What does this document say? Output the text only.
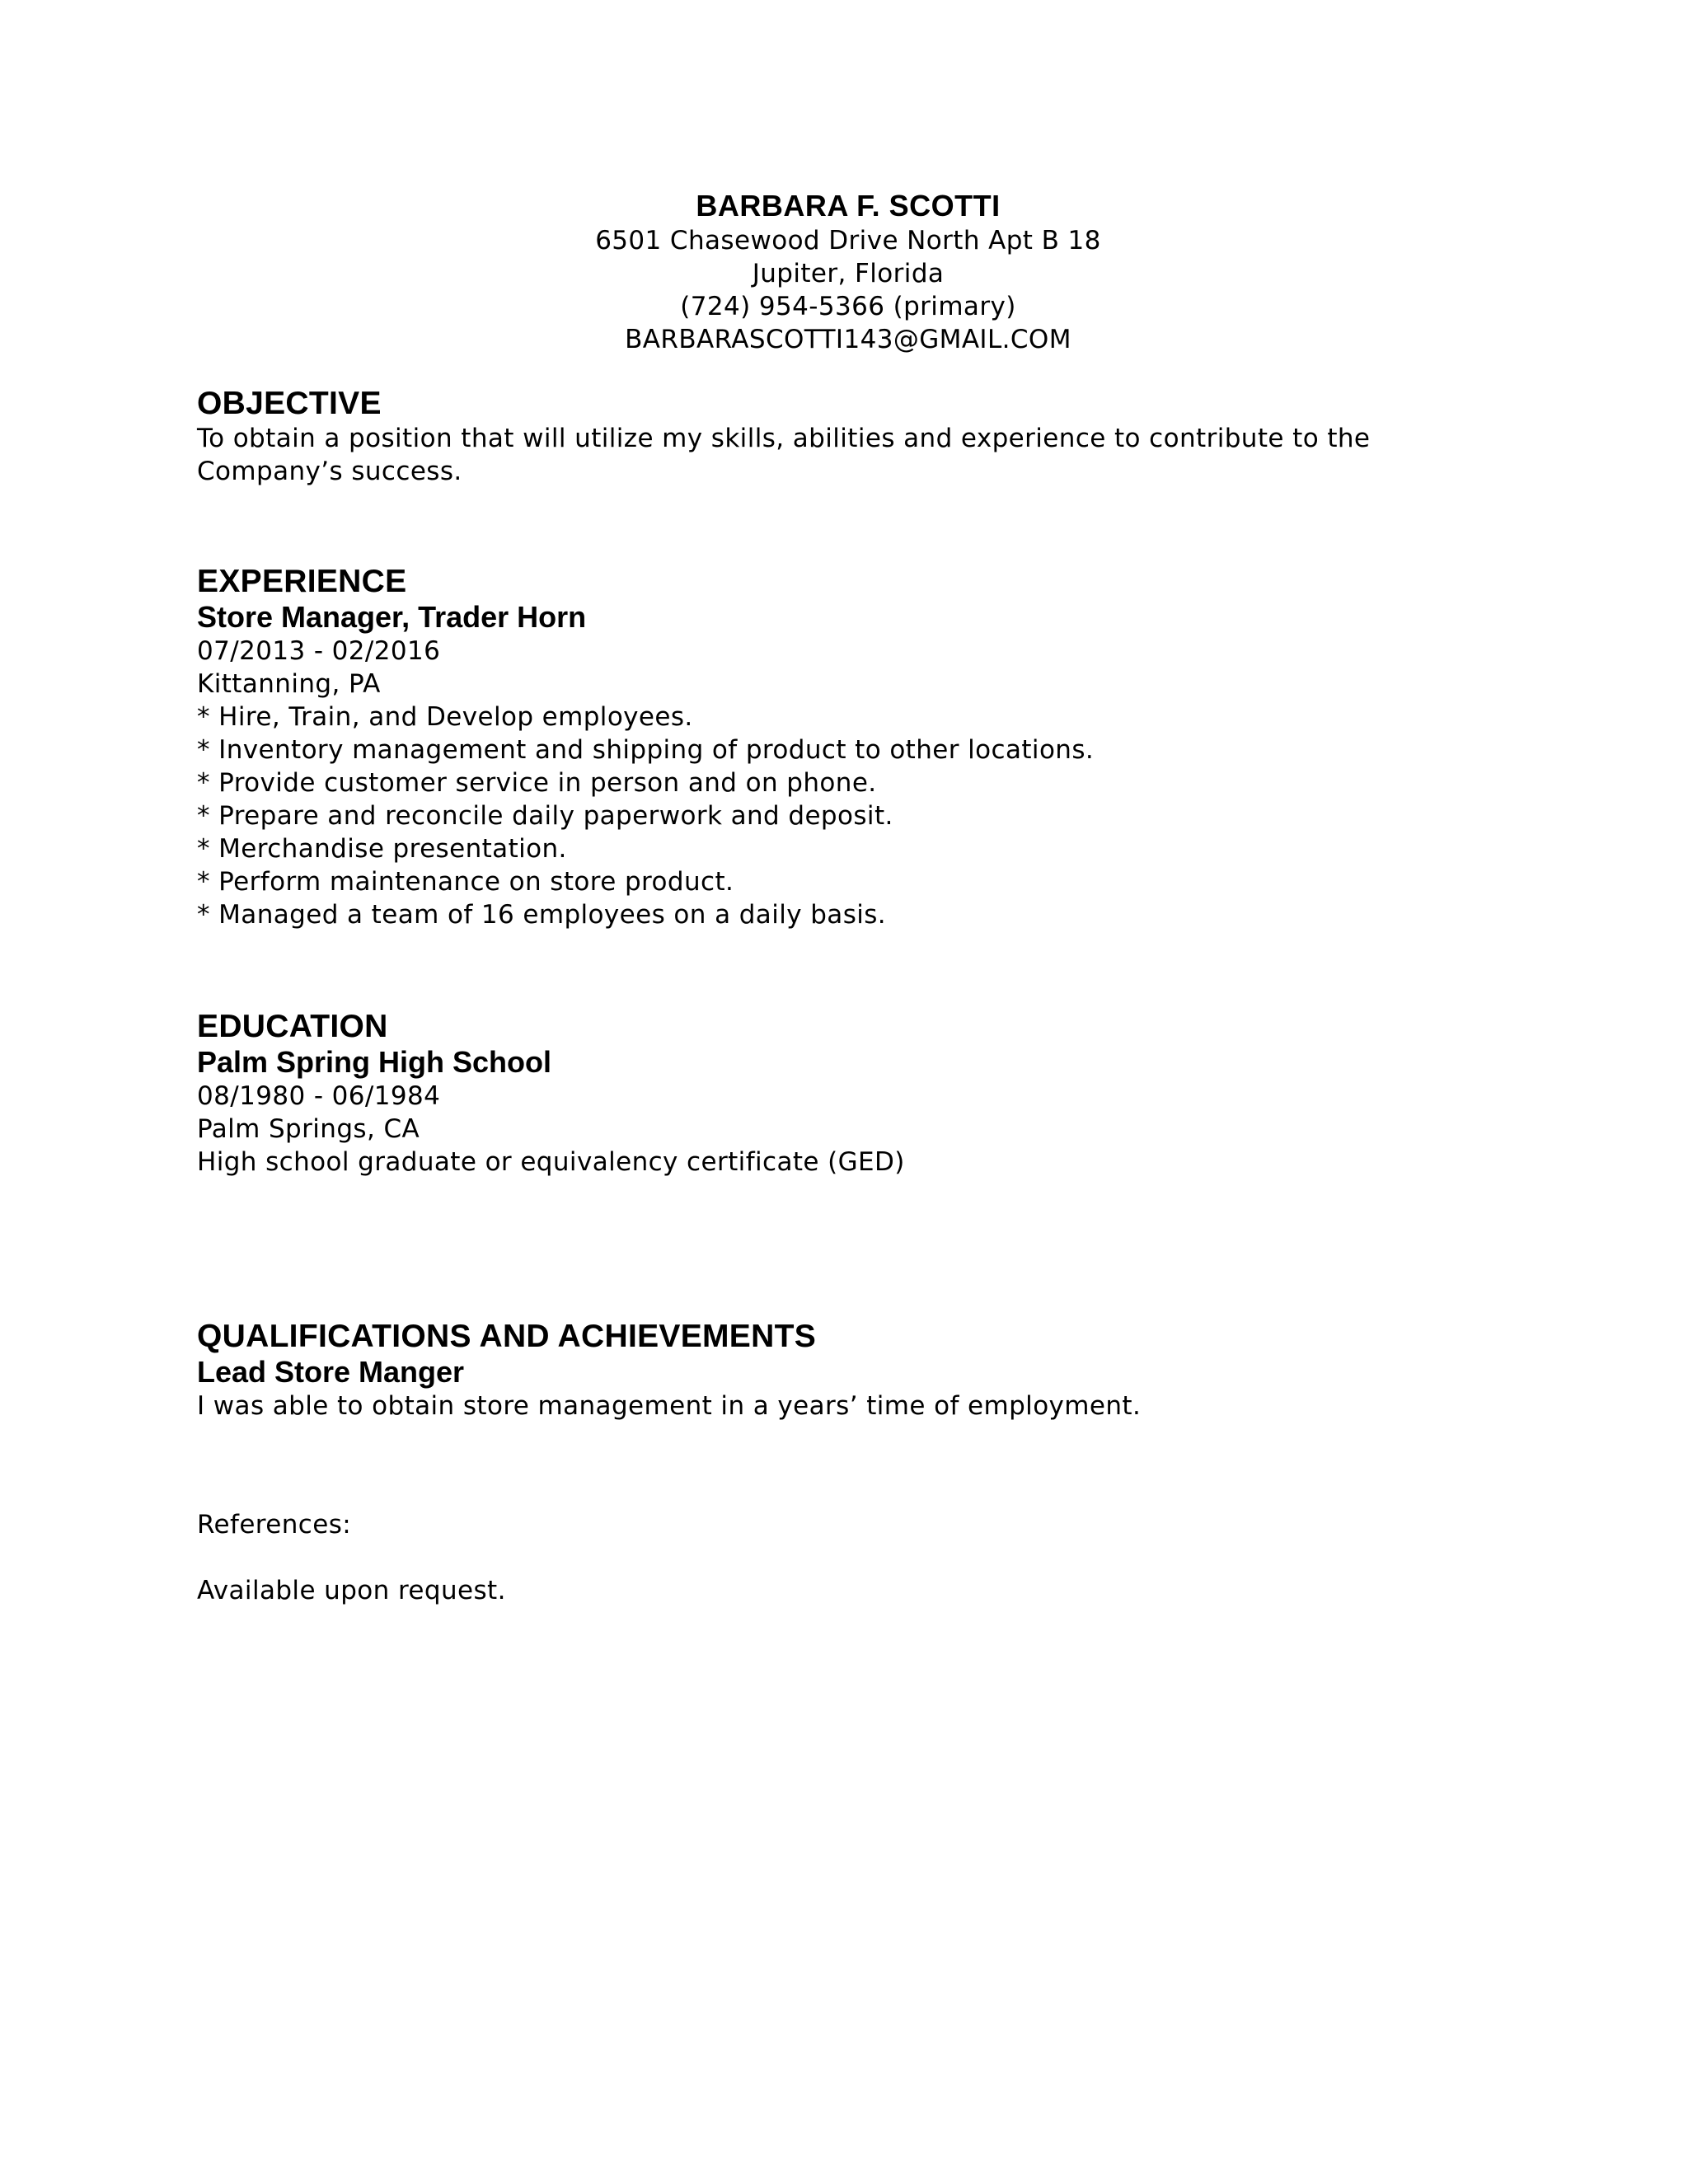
BARBARA F. SCOTTI
6501 Chasewood Drive North Apt B 18
Jupiter, Florida
(724) 954-5366 (primary)
BARBARASCOTTI143@GMAIL.COM
OBJECTIVE
To obtain a position that will utilize my skills, abilities and experience to contribute to the
Company’s success.
EXPERIENCE
Store Manager, Trader Horn
07/2013 - 02/2016
Kittanning, PA
* Hire, Train, and Develop employees.
* Inventory management and shipping of product to other locations.
* Provide customer service in person and on phone.
* Prepare and reconcile daily paperwork and deposit.
* Merchandise presentation.
* Perform maintenance on store product.
* Managed a team of 16 employees on a daily basis.
EDUCATION
Palm Spring High School
08/1980 - 06/1984
Palm Springs, CA
High school graduate or equivalency certificate (GED)
QUALIFICATIONS AND ACHIEVEMENTS
Lead Store Manger
I was able to obtain store management in a years’ time of employment.
References:
Available upon request.
